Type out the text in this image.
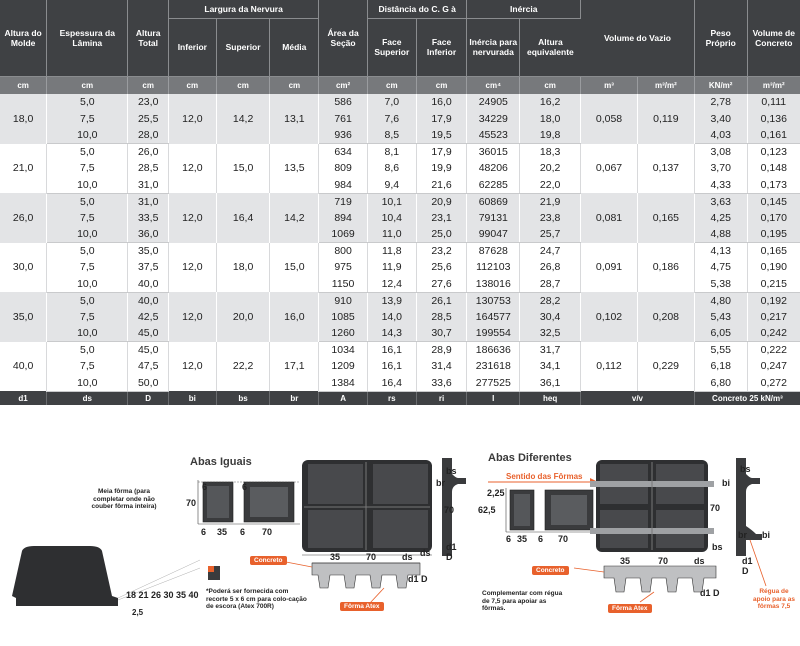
Altura do Molde	Espessura da Lâmina	Altura Total	Largura da Nervura			Área da Seção	Distância do C. G à		Inércia		Volume do Vazio		Peso Próprio	Volume de Concreto
			Inferior	Superior	Média		Face Superior	Face Inferior	Inércia para nervurada	Altura equivalente				

cm	cm	cm	cm	cm	cm	cm²	cm	cm	cm⁴	cm	m³	m³/m²	KN/m²	m³/m²
18,0	5,0	23,0	12,0	14,2	13,1	586	7,0	16,0	24905	16,2	0,058	0,119	2,78	0,111
	7,5	25,5				761	7,6	17,9	34229	18,0			3,40	0,136
	10,0	28,0				936	8,5	19,5	45523	19,8			4,03	0,161
21,0	5,0	26,0	12,0	15,0	13,5	634	8,1	17,9	36015	18,3	0,067	0,137	3,08	0,123
	7,5	28,5				809	8,6	19,9	48206	20,2			3,70	0,148
	10,0	31,0				984	9,4	21,6	62285	22,0			4,33	0,173
26,0	5,0	31,0	12,0	16,4	14,2	719	10,1	20,9	60869	21,9	0,081	0,165	3,63	0,145
	7,5	33,5				894	10,4	23,1	79131	23,8			4,25	0,170
	10,0	36,0				1069	11,0	25,0	99047	25,7			4,88	0,195
30,0	5,0	35,0	12,0	18,0	15,0	800	11,8	23,2	87628	24,7	0,091	0,186	4,13	0,165
	7,5	37,5				975	11,9	25,6	112103	26,8			4,75	0,190
	10,0	40,0				1150	12,4	27,6	138016	28,7			5,38	0,215
35,0	5,0	40,0	12,0	20,0	16,0	910	13,9	26,1	130753	28,2	0,102	0,208	4,80	0,192
	7,5	42,5				1085	14,0	28,5	164577	30,4			5,43	0,217
	10,0	45,0				1260	14,3	30,7	199554	32,5			6,05	0,242
40,0	5,0	45,0	12,0	22,2	17,1	1034	16,1	28,9	186636	31,7	0,112	0,229	5,55	0,222
	7,5	47,5				1209	16,1	31,4	231618	34,1			6,18	0,247
	10,0	50,0				1384	16,4	33,6	277525	36,1			6,80	0,272
d1	ds	D	bi	bs	br	A	rs	ri	I	heq	v/v		Concreto 25 kN/m³	
Abas Iguais
Meia fôrma (para completar onde não couber fôrma inteira)	70
6	6
6 35 6 70
70
bs
br
d1
D
35	70	ds ds
d1 D
Concreto
Fôrma Atex
18 21 26 30 35 40
2,5
*Poderá ser fornecida com recorte 5 x 6 cm para colo-cação de escora (Atex 700R)
Abas Diferentes
Sentido das Fôrmas
2,25
62,5
6 35 6 70
70
bs
bi
bs
br bi
d1
D
35	70	ds
d1 D
Concreto
Fôrma Atex
Complementar com régua de 7,5 para apoiar as fôrmas.
Régua de apoio para as fôrmas 7,5
